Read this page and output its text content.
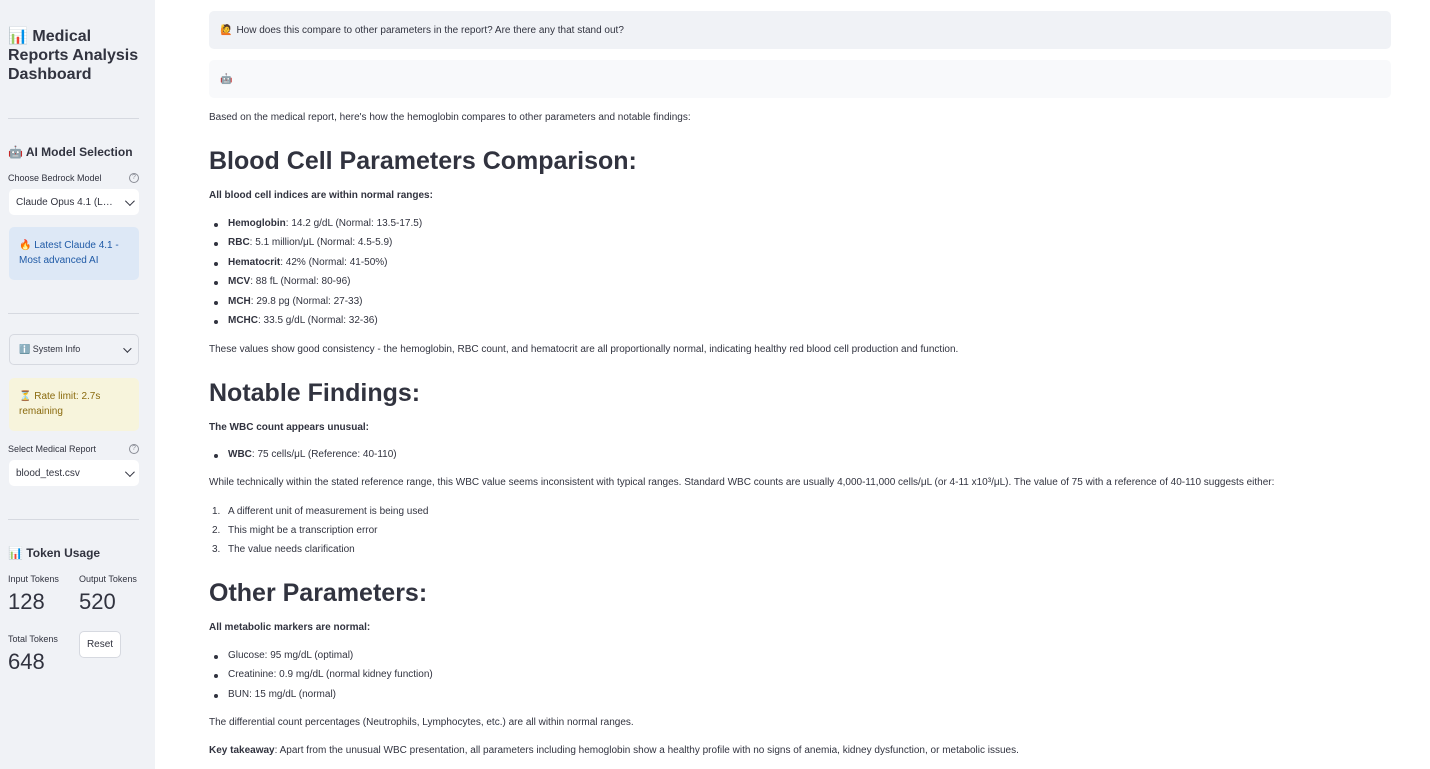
📊 Medical Reports Analysis Dashboard
🤖 AI Model Selection
Choose Bedrock Model	?
Claude Opus 4.1 (L…
🔥 Latest Claude 4.1 - Most advanced AI
ℹ️ System Info
⏳ Rate limit: 2.7s remaining
Select Medical Report	?
blood_test.csv
📊 Token Usage
Input Tokens
128
Output Tokens
520
Total Tokens
648
Reset
🙋 How does this compare to other parameters in the report? Are there any that stand out?
🤖
Based on the medical report, here's how the hemoglobin compares to other parameters and notable findings:
Blood Cell Parameters Comparison:
All blood cell indices are within normal ranges:
Hemoglobin: 14.2 g/dL (Normal: 13.5-17.5)
RBC: 5.1 million/μL (Normal: 4.5-5.9)
Hematocrit: 42% (Normal: 41-50%)
MCV: 88 fL (Normal: 80-96)
MCH: 29.8 pg (Normal: 27-33)
MCHC: 33.5 g/dL (Normal: 32-36)
These values show good consistency - the hemoglobin, RBC count, and hematocrit are all proportionally normal, indicating healthy red blood cell production and function.
Notable Findings:
The WBC count appears unusual:
WBC: 75 cells/μL (Reference: 40-110)
While technically within the stated reference range, this WBC value seems inconsistent with typical ranges. Standard WBC counts are usually 4,000-11,000 cells/μL (or 4-11 x10³/μL). The value of 75 with a reference of 40-110 suggests either:
1. A different unit of measurement is being used
2. This might be a transcription error
3. The value needs clarification
Other Parameters:
All metabolic markers are normal:
Glucose: 95 mg/dL (optimal)
Creatinine: 0.9 mg/dL (normal kidney function)
BUN: 15 mg/dL (normal)
The differential count percentages (Neutrophils, Lymphocytes, etc.) are all within normal ranges.
Key takeaway: Apart from the unusual WBC presentation, all parameters including hemoglobin show a healthy profile with no signs of anemia, kidney dysfunction, or metabolic issues.
